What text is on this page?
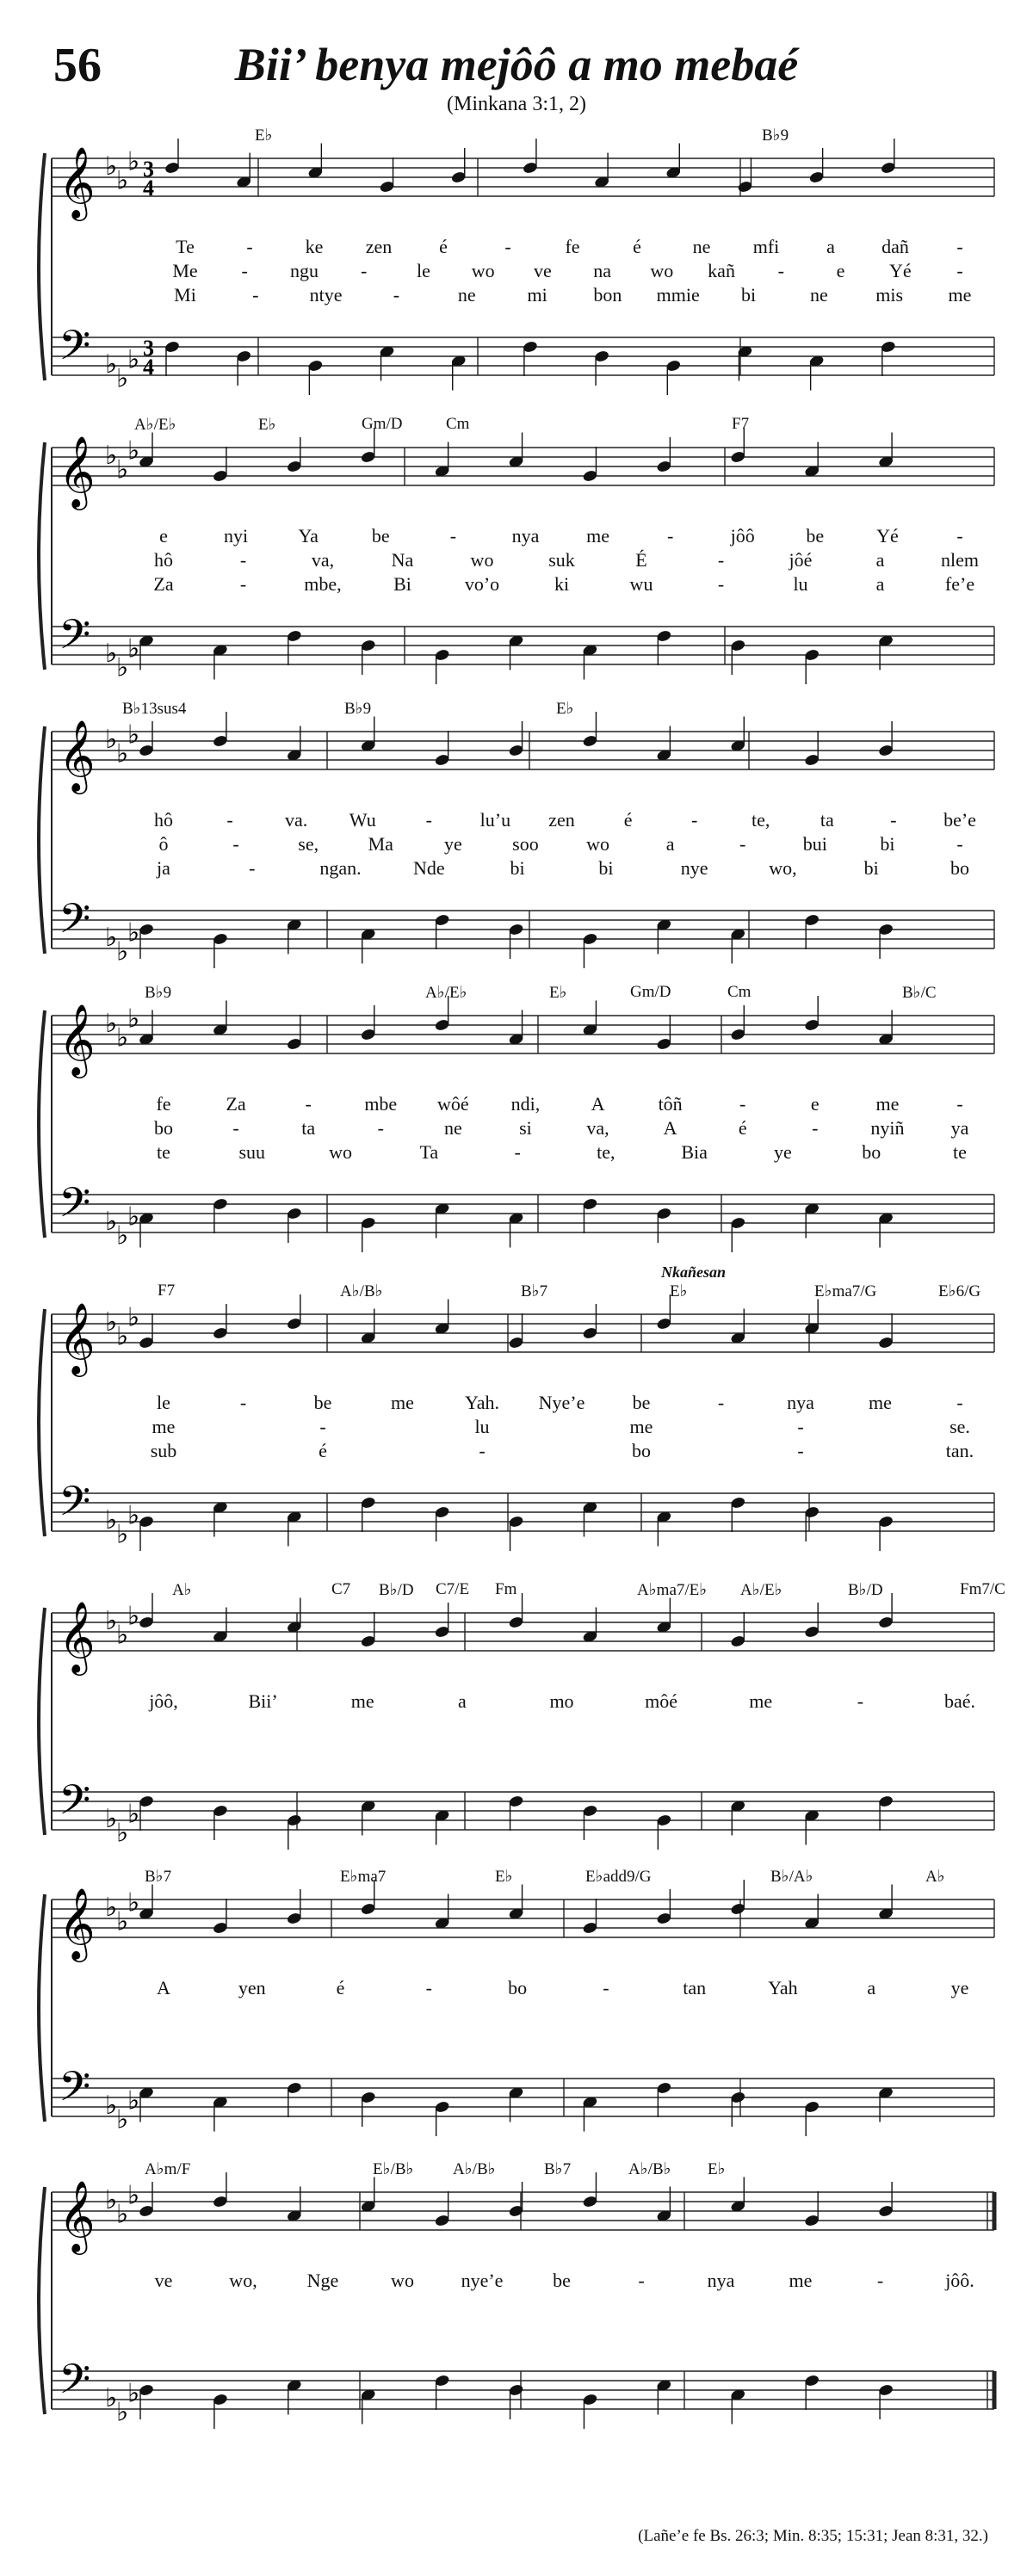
56	Bii’ benya mejôô a mo mebaé
(Minkana 3:1, 2)
E♭	B♭9
Te	-	ke zen é	-	fe	é	ne mfi a dañ	-
Me - ngu -	le wo ve na wo kañ -	e Yé -
Mi	-	ntye	-	ne	mi bon mmie bi	ne	mis me
A♭/E♭	E♭	Gm/D	Cm	F7
e	nyi	Ya	be	-	nya me	-	jôô	be	Yé	-
hô	-	va,	Na	wo	suk	É	-	jôé	a	nlem
Za	-	mbe,	Bi	vo’o	ki	wu	-	lu	a	fe’e
B♭13sus4	B♭9	E♭
hô	-	va. Wu	-	lu’u zen	é	-	te,	ta	- be’e
ô	-	se,	Ma	ye	soo	wo	a	-	bui	bi	-
ja	-	ngan.	Nde	bi	bi	nye	wo,	bi	bo
B♭9	A♭/E♭	E♭	Gm/D	Cm	B♭/C
fe	Za	-	mbe wôé ndi,	A	tôñ	-	e	me	-
bo	-	ta	-	ne	si	va,	A	é	-	nyiñ ya
te	suu	wo	Ta	-	te,	Bia	ye	bo	te
F7	A♭/B♭	B♭7	E♭	E♭ma7/G	E♭6/G
le	-	be	me	Yah. Nye’e	be	-	nya	me	-
me	-	lu	me	-	se.
sub	é	-	bo	-	tan.
A♭	C7 B♭/D C7/E Fm	A♭ma7/E♭ A♭/E♭	B♭/D	Fm7/C
jôô,	Bii’	me	a	mo	môé	me	-	baé.
B♭7	E♭ma7	E♭	E♭add9/G	B♭/A♭	A♭
A	yen	é	-	bo	-	tan	Yah	a	ye
A♭m/F	E♭/B♭ A♭/B♭	B♭7	A♭/B♭ E♭
ve	wo,	Nge	wo nye’e	be	-	nya	me	-	jôô.
Nkañesan
(Lañe’e fe Bs. 26:3; Min. 8:35; 15:31; Jean 8:31, 32.)
𝄞
𝄢
♭
♭
♭
♭
♭
♭
3
4
3
4
𝄞
𝄢
♭
♭
♭
♭
♭
♭
𝄞
𝄢
♭
♭
♭
♭
♭
♭
𝄞
𝄢
♭
♭
♭
♭
♭
♭
𝄞
𝄢
♭
♭
♭
♭
♭
♭
𝄞
𝄢
♭
♭
♭
♭
♭
♭
𝄞
𝄢
♭
♭
♭
♭
♭
♭
𝄞
𝄢
♭
♭
♭
♭
♭
♭
